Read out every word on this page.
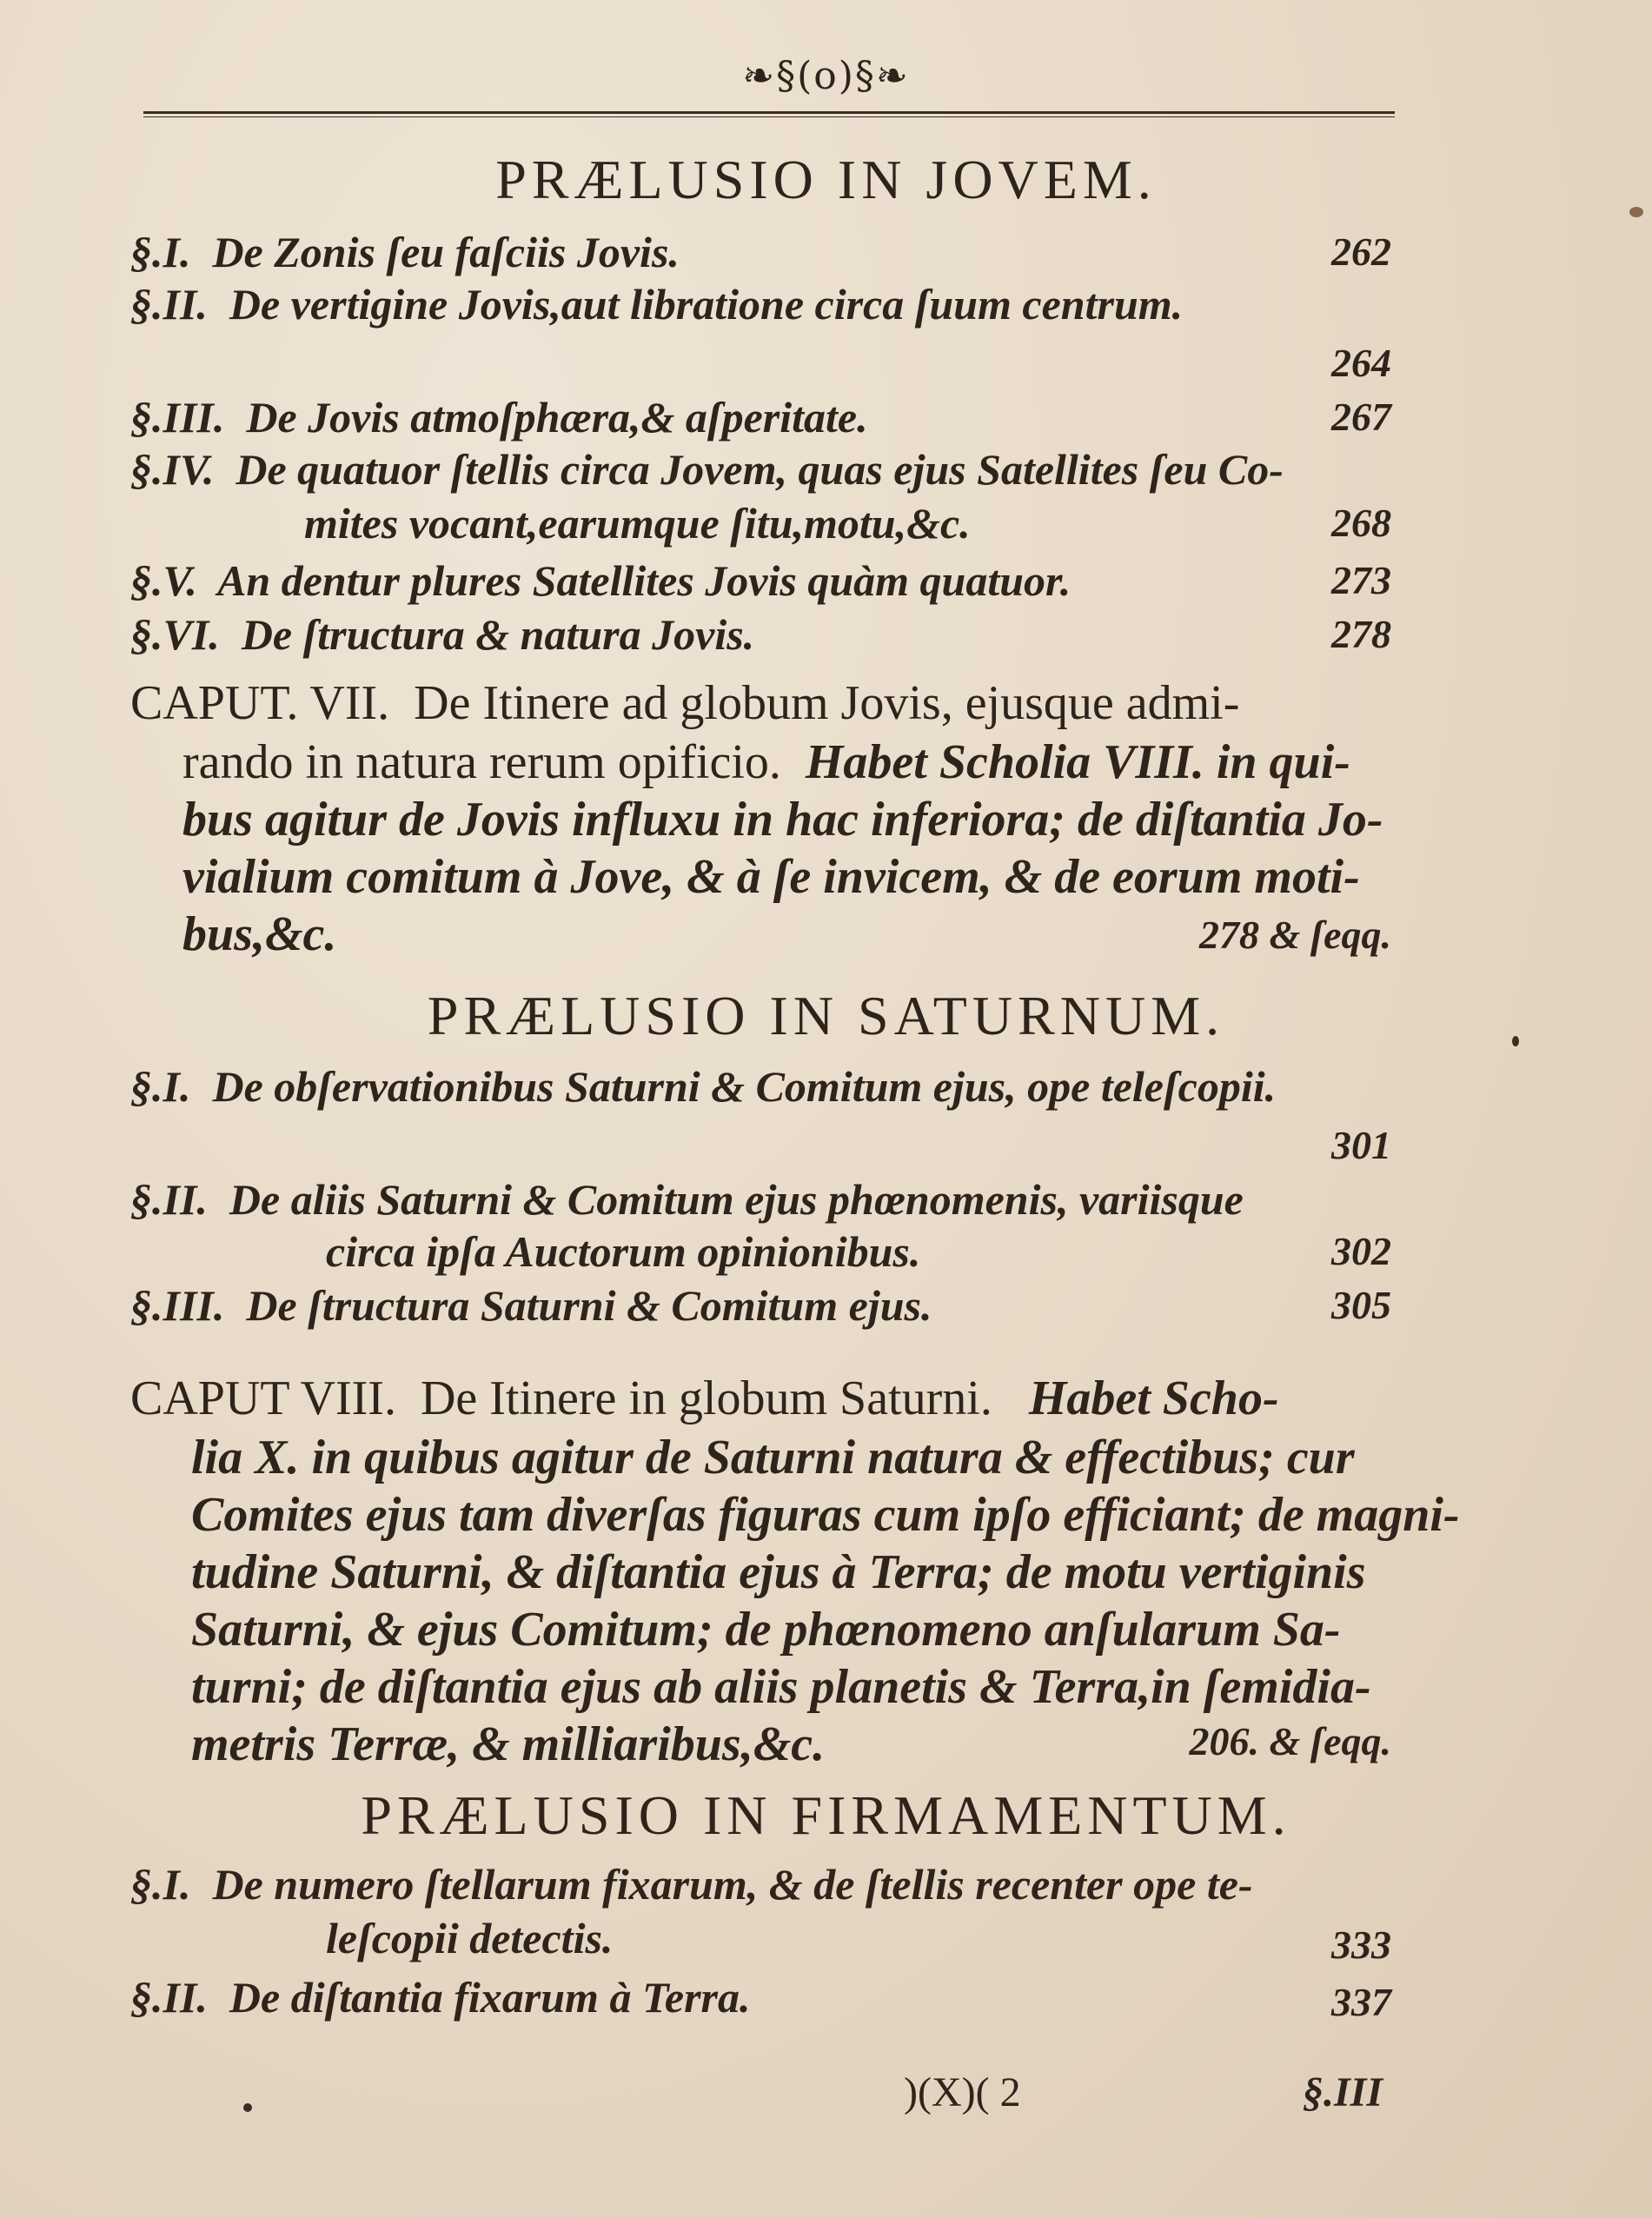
❧§(o)§❧
PRÆLUSIO IN JOVEM.
§.I. De Zonis ſeu faſciis Jovis.	262
§.II. De vertigine Jovis,aut libratione circa ſuum centrum.
264
§.III. De Jovis atmoſphæra,& aſperitate.	267
§.IV. De quatuor ſtellis circa Jovem, quas ejus Satellites ſeu Co-
mites vocant,earumque ſitu,motu,&c.	268
§.V. An dentur plures Satellites Jovis quàm quatuor.	273
§.VI. De ſtructura & natura Jovis.	278
CAPUT. VII. De Itinere ad globum Jovis, ejusque admi-
rando in natura rerum opificio. Habet Scholia VIII. in qui-
bus agitur de Jovis influxu in hac inferiora; de diſtantia Jo-
vialium comitum à Jove, & à ſe invicem, & de eorum moti-
bus,&c.	278 & ſeqq.
PRÆLUSIO IN SATURNUM.
§.I. De obſervationibus Saturni & Comitum ejus, ope teleſcopii.
301
§.II. De aliis Saturni & Comitum ejus phœnomenis, variisque
circa ipſa Auctorum opinionibus.	302
§.III. De ſtructura Saturni & Comitum ejus.	305
CAPUT VIII. De Itinere in globum Saturni. Habet Scho-
lia X. in quibus agitur de Saturni natura & effectibus; cur
Comites ejus tam diverſas figuras cum ipſo efficiant; de magni-
tudine Saturni, & diſtantia ejus à Terra; de motu vertiginis
Saturni, & ejus Comitum; de phœnomeno anſularum Sa-
turni; de diſtantia ejus ab aliis planetis & Terra,in ſemidia-
metris Terræ, & milliaribus,&c.	206. & ſeqq.
PRÆLUSIO IN FIRMAMENTUM.
§.I. De numero ſtellarum fixarum, & de ſtellis recenter ope te-
leſcopii detectis.	333
§.II. De diſtantia fixarum à Terra.	337
)(X)( 2	§.III
